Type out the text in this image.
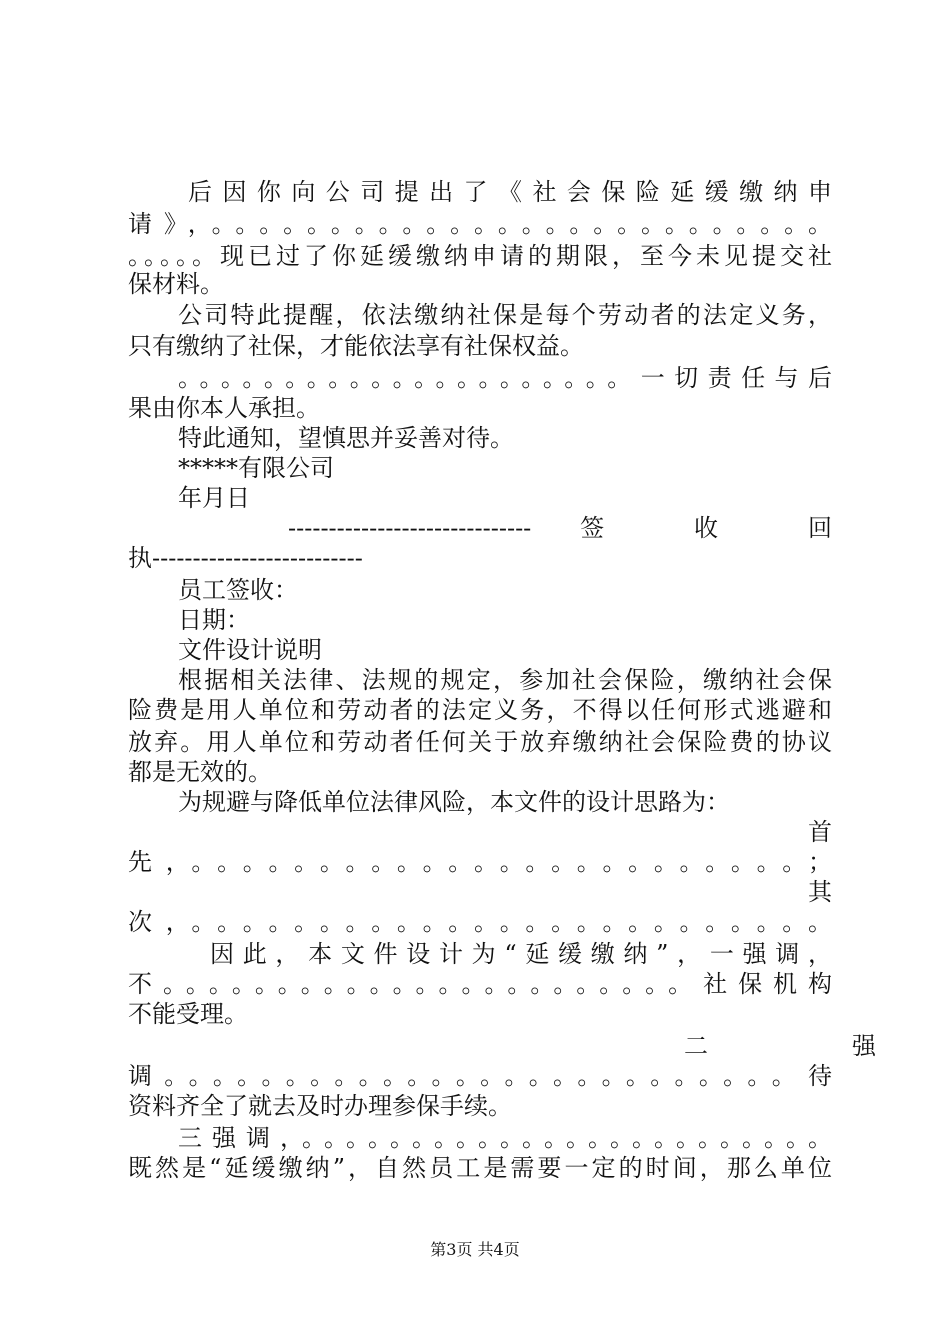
后因你向公司提出了《社会保险延缓缴纳申
请》，。。。。。。。。。。。。。。。。。。。。。。。。。。
。。。。。现已过了你延缓缴纳申请的期限，至今未见提交社
保材料。
公司特此提醒，依法缴纳社保是每个劳动者的法定义务，
只有缴纳了社保，才能依法享有社保权益。
。。。。。。。。。。。。。。。。。。。。。一切责任与后
果由你本人承担。
特此通知，望慎思并妥善对待。
*****有限公司
年月日
------------------------------ 签 收 回
执--------------------------
员工签收：
日期：
文件设计说明
根据相关法律、法规的规定，参加社会保险，缴纳社会保
险费是用人单位和劳动者的法定义务，不得以任何形式逃避和
放弃。用人单位和劳动者任何关于放弃缴纳社会保险费的协议
都是无效的。
为规避与降低单位法律风险，本文件的设计思路为：
首
先，。。。。。。。。。。。。。。。。。。。。。。。。；
其
次，。。。。。。。。。。。。。。。。。。。。。。。。。
因此，本文件设计为“延缓缴纳”，一强调，
不。。。。。。。。。。。。。。。。。。。。。。。社保机构
不能受理。
二　　　　　　强
调。。。。。。。。。。。。。。。。。。。。。。。。。。待
资料齐全了就去及时办理参保手续。
三强调，。。。。。。。。。。。。。。。。。。。。。。。。
既然是“延缓缴纳”，自然员工是需要一定的时间，那么单位
第3页 共4页
